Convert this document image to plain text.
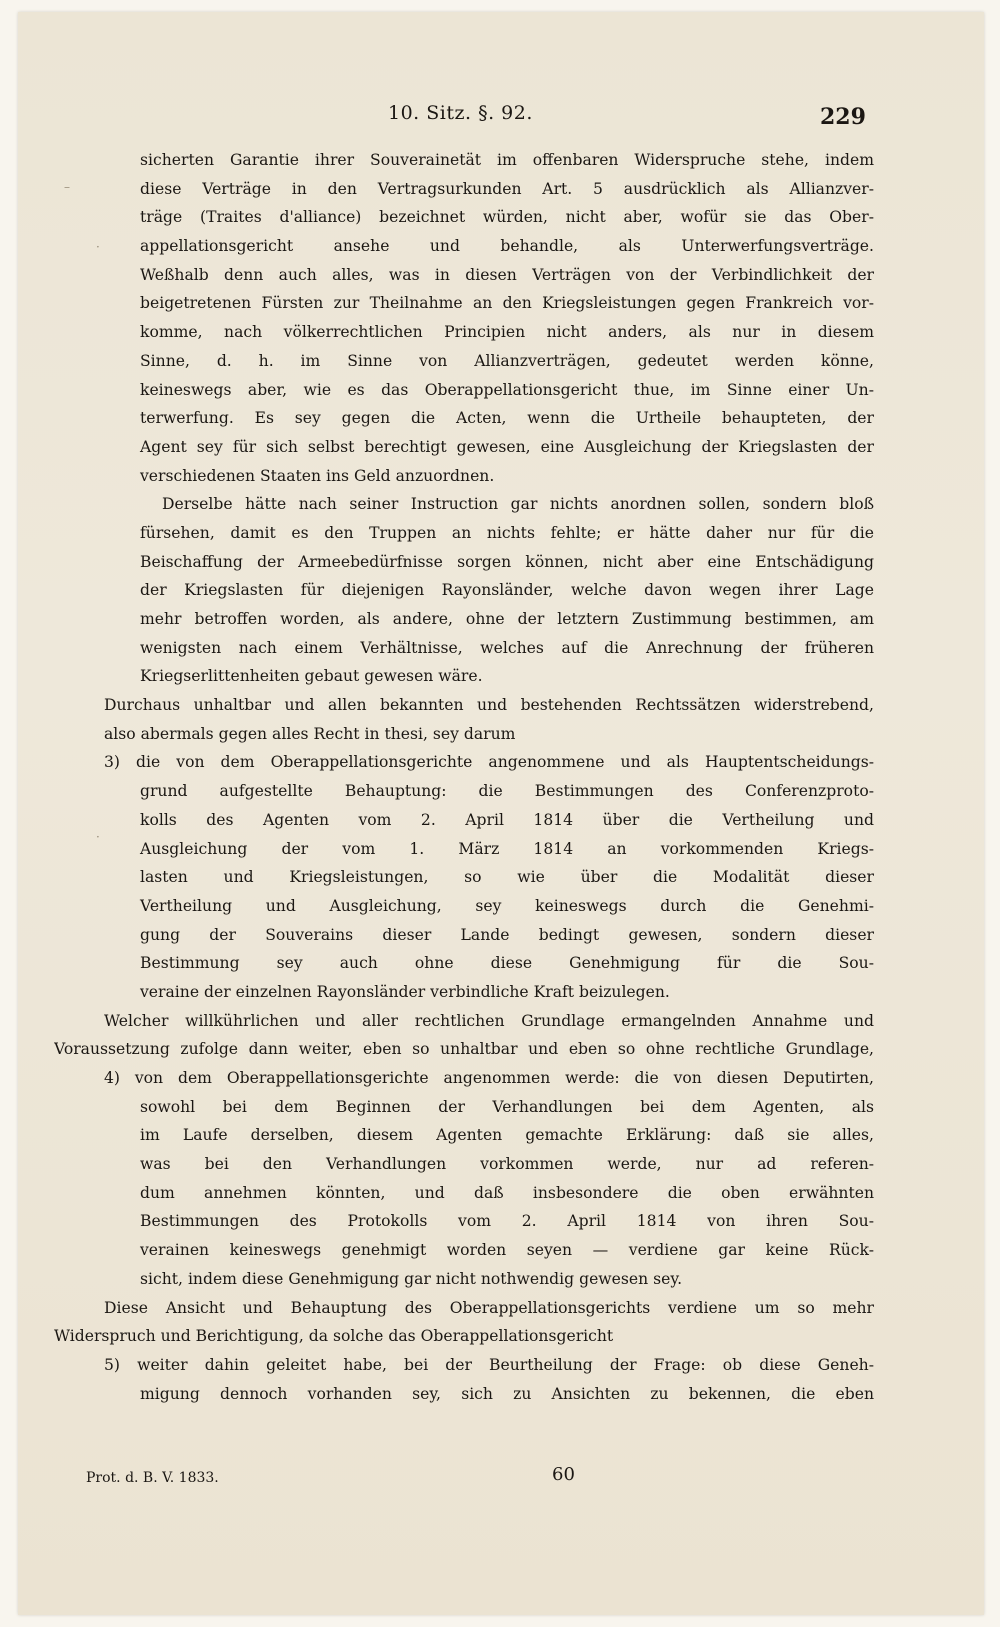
10. Sitz. §. 92.	229
–
·
·
sicherten Garantie ihrer Souverainetät im offenbaren Widerspruche stehe, indem
diese Verträge in den Vertragsurkunden Art. 5 ausdrücklich als Allianzver-
träge (Traites d'alliance) bezeichnet würden, nicht aber, wofür sie das Ober-
appellationsgericht ansehe und behandle, als Unterwerfungsverträge.
Weßhalb denn auch alles, was in diesen Verträgen von der Verbindlichkeit der
beigetretenen Fürsten zur Theilnahme an den Kriegsleistungen gegen Frankreich vor-
komme, nach völkerrechtlichen Principien nicht anders, als nur in diesem
Sinne, d. h. im Sinne von Allianzverträgen, gedeutet werden könne,
keineswegs aber, wie es das Oberappellationsgericht thue, im Sinne einer Un-
terwerfung. Es sey gegen die Acten, wenn die Urtheile behaupteten, der
Agent sey für sich selbst berechtigt gewesen, eine Ausgleichung der Kriegslasten der
verschiedenen Staaten ins Geld anzuordnen.
Derselbe hätte nach seiner Instruction gar nichts anordnen sollen, sondern bloß
fürsehen, damit es den Truppen an nichts fehlte; er hätte daher nur für die
Beischaffung der Armeebedürfnisse sorgen können, nicht aber eine Entschädigung
der Kriegslasten für diejenigen Rayonsländer, welche davon wegen ihrer Lage
mehr betroffen worden, als andere, ohne der letztern Zustimmung bestimmen, am
wenigsten nach einem Verhältnisse, welches auf die Anrechnung der früheren
Kriegserlittenheiten gebaut gewesen wäre.
Durchaus unhaltbar und allen bekannten und bestehenden Rechtssätzen widerstrebend,
also abermals gegen alles Recht in thesi, sey darum
3) die von dem Oberappellationsgerichte angenommene und als Hauptentscheidungs-
grund aufgestellte Behauptung: die Bestimmungen des Conferenzproto-
kolls des Agenten vom 2. April 1814 über die Vertheilung und
Ausgleichung der vom 1. März 1814 an vorkommenden Kriegs-
lasten und Kriegsleistungen, so wie über die Modalität dieser
Vertheilung und Ausgleichung, sey keineswegs durch die Genehmi-
gung der Souverains dieser Lande bedingt gewesen, sondern dieser
Bestimmung sey auch ohne diese Genehmigung für die Sou-
veraine der einzelnen Rayonsländer verbindliche Kraft beizulegen.
Welcher willkührlichen und aller rechtlichen Grundlage ermangelnden Annahme und
Voraussetzung zufolge dann weiter, eben so unhaltbar und eben so ohne rechtliche Grundlage,
4) von dem Oberappellationsgerichte angenommen werde: die von diesen Deputirten,
sowohl bei dem Beginnen der Verhandlungen bei dem Agenten, als
im Laufe derselben, diesem Agenten gemachte Erklärung: daß sie alles,
was bei den Verhandlungen vorkommen werde, nur ad referen-
dum annehmen könnten, und daß insbesondere die oben erwähnten
Bestimmungen des Protokolls vom 2. April 1814 von ihren Sou-
verainen keineswegs genehmigt worden seyen — verdiene gar keine Rück-
sicht, indem diese Genehmigung gar nicht nothwendig gewesen sey.
Diese Ansicht und Behauptung des Oberappellationsgerichts verdiene um so mehr
Widerspruch und Berichtigung, da solche das Oberappellationsgericht
5) weiter dahin geleitet habe, bei der Beurtheilung der Frage: ob diese Geneh-
migung dennoch vorhanden sey, sich zu Ansichten zu bekennen, die eben
Prot. d. B. V. 1833.	60
